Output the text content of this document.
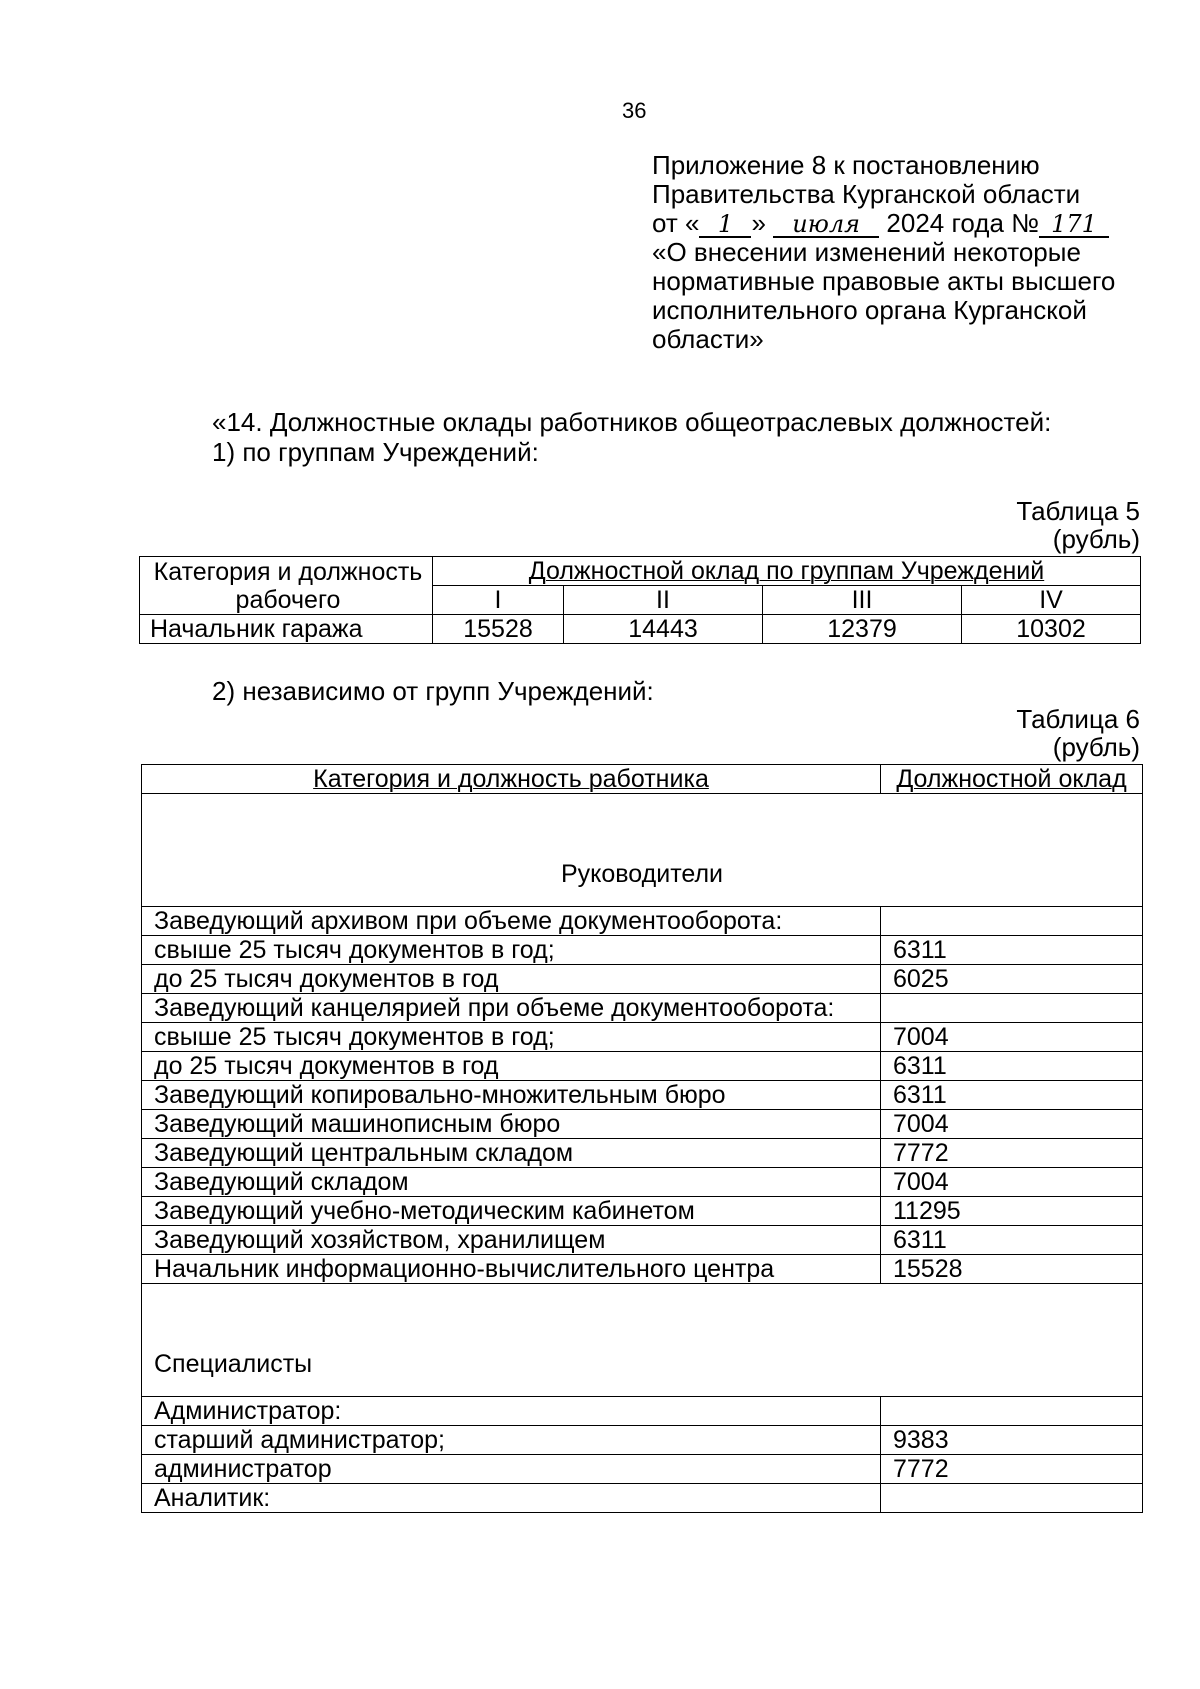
36
Приложение 8 к постановлению
Правительства Курганской области
от « 1 » июля 2024 года № 171
«О внесении изменений некоторые
нормативные правовые акты высшего
исполнительного органа Курганской
области»
«14. Должностные оклады работников общеотраслевых должностей:
1) по группам Учреждений:
Таблица 5
(рубль)
Категория и должность рабочего	Должностной оклад по группам Учреждений			
	I	II	III	IV
Начальник гаража	15528	14443	12379	10302
2) независимо от групп Учреждений:
Таблица 6
(рубль)
Категория и должность работника	Должностной оклад
Руководители	
Заведующий архивом при объеме документооборота:	
свыше 25 тысяч документов в год;	6311
до 25 тысяч документов в год	6025
Заведующий канцелярией при объеме документооборота:	
свыше 25 тысяч документов в год;	7004
до 25 тысяч документов в год	6311
Заведующий копировально-множительным бюро	6311
Заведующий машинописным бюро	7004
Заведующий центральным складом	7772
Заведующий складом	7004
Заведующий учебно-методическим кабинетом	11295
Заведующий хозяйством, хранилищем	6311
Начальник информационно-вычислительного центра	15528
Специалисты	
Администратор:	
старший администратор;	9383
администратор	7772
Аналитик:	
